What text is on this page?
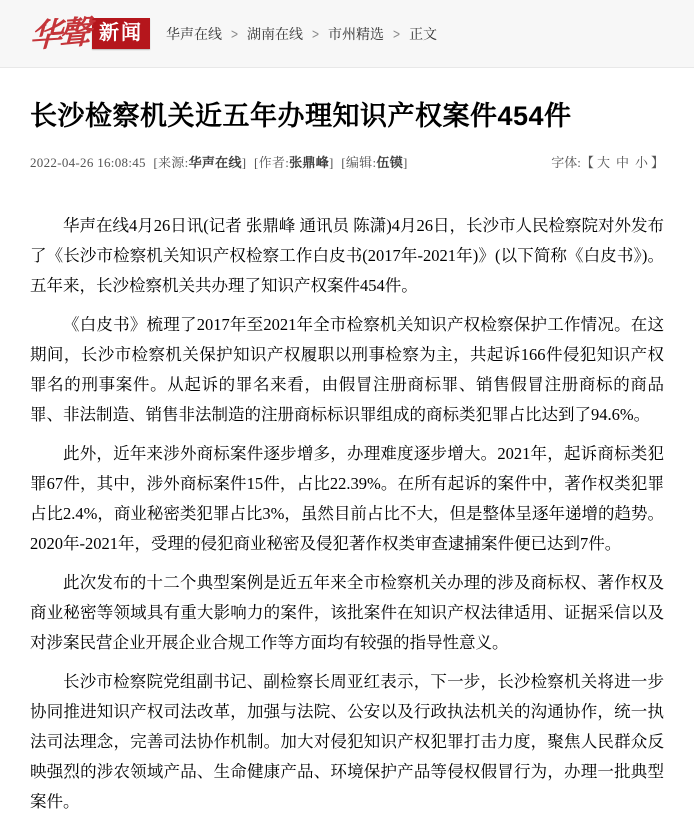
华聲 新闻	华声在线 > 湖南在线 > 市州精选 > 正文
长沙检察机关近五年办理知识产权案件454件
2022-04-26 16:08:45 [来源:华声在线] [作者:张鼎峰] [编辑:伍镆]	字体:【 大 中 小 】

华声在线4月26日讯(记者 张鼎峰 通讯员 陈潇)4月26日，长沙市人民检察院对外发布了《长沙市检察机关知识产权检察工作白皮书(2017年-2021年)》(以下简称《白皮书》)。五年来，长沙检察机关共办理了知识产权案件454件。

《白皮书》梳理了2017年至2021年全市检察机关知识产权检察保护工作情况。在这期间，长沙市检察机关保护知识产权履职以刑事检察为主，共起诉166件侵犯知识产权罪名的刑事案件。从起诉的罪名来看，由假冒注册商标罪、销售假冒注册商标的商品罪、非法制造、销售非法制造的注册商标标识罪组成的商标类犯罪占比达到了94.6%。

此外，近年来涉外商标案件逐步增多，办理难度逐步增大。2021年，起诉商标类犯罪67件，其中，涉外商标案件15件，占比22.39%。在所有起诉的案件中，著作权类犯罪占比2.4%，商业秘密类犯罪占比3%，虽然目前占比不大，但是整体呈逐年递增的趋势。2020年-2021年，受理的侵犯商业秘密及侵犯著作权类审查逮捕案件便已达到7件。

此次发布的十二个典型案例是近五年来全市检察机关办理的涉及商标权、著作权及商业秘密等领域具有重大影响力的案件，该批案件在知识产权法律适用、证据采信以及对涉案民营企业开展企业合规工作等方面均有较强的指导性意义。

长沙市检察院党组副书记、副检察长周亚红表示，下一步，长沙检察机关将进一步协同推进知识产权司法改革，加强与法院、公安以及行政执法机关的沟通协作，统一执法司法理念，完善司法协作机制。加大对侵犯知识产权犯罪打击力度，聚焦人民群众反映强烈的涉农领域产品、生命健康产品、环境保护产品等侵权假冒行为，办理一批典型案件。
